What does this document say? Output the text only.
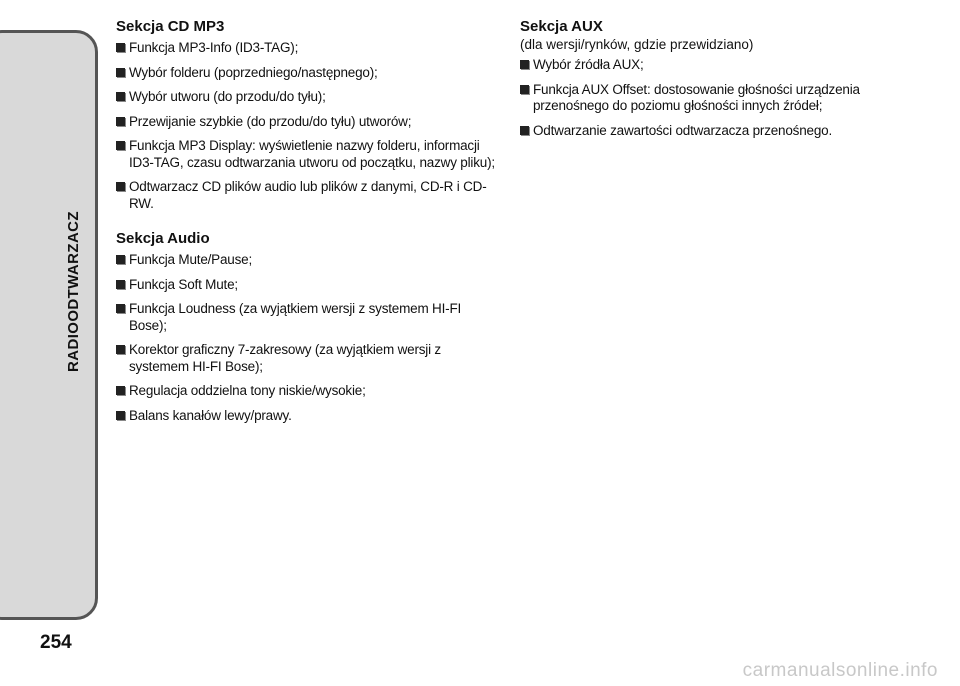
RADIOODTWARZACZ
254
Sekcja CD MP3
Funkcja MP3-Info (ID3-TAG);
Wybór folderu (poprzedniego/następnego);
Wybór utworu (do przodu/do tyłu);
Przewijanie szybkie (do przodu/do tyłu) utworów;
Funkcja MP3 Display: wyświetlenie nazwy folderu, informacji ID3-TAG, czasu odtwarzania utworu od początku, nazwy pliku);
Odtwarzacz CD plików audio lub plików z danymi, CD-R i CD-RW.
Sekcja Audio
Funkcja Mute/Pause;
Funkcja Soft Mute;
Funkcja Loudness (za wyjątkiem wersji z systemem HI-FI Bose);
Korektor graficzny 7-zakresowy (za wyjątkiem wersji z systemem HI-FI Bose);
Regulacja oddzielna tony niskie/wysokie;
Balans kanałów lewy/prawy.
Sekcja AUX

(dla wersji/rynków, gdzie przewidziano)

Wybór źródła AUX;
Funkcja AUX Offset: dostosowanie głośności urządzenia przenośnego do poziomu głośności innych źródeł;
Odtwarzanie zawartości odtwarzacza przenośnego.
carmanualsonline.info
